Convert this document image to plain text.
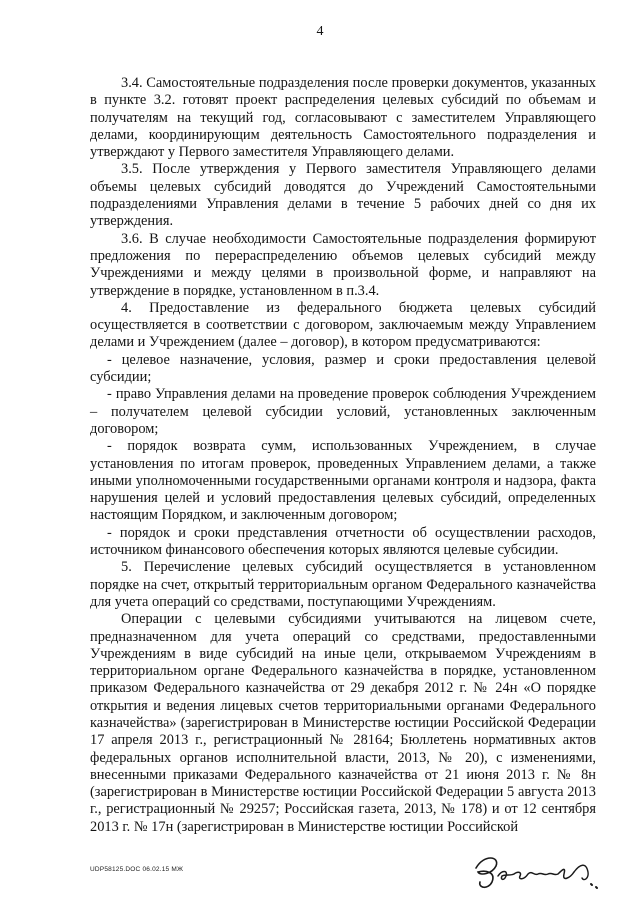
4

3.4. Самостоятельные подразделения после проверки документов, указанных в пункте 3.2. готовят проект распределения целевых субсидий по объемам и получателям на текущий год, согласовывают с заместителем Управляющего делами, координирующим деятельность Самостоятельного подразделения и утверждают у Первого заместителя Управляющего делами.

3.5. После утверждения у Первого заместителя Управляющего делами объемы целевых субсидий доводятся до Учреждений Самостоятельными подразделениями Управления делами в течение 5 рабочих дней со дня их утверждения.

3.6. В случае необходимости Самостоятельные подразделения формируют предложения по перераспределению объемов целевых субсидий между Учреждениями и между целями в произвольной форме, и направляют на утверждение в порядке, установленном в п.3.4.

4. Предоставление из федерального бюджета целевых субсидий осуществляется в соответствии с договором, заключаемым между Управлением делами и Учреждением (далее – договор), в котором предусматриваются:

- целевое назначение, условия, размер и сроки предоставления целевой субсидии;

- право Управления делами на проведение проверок соблюдения Учреждением – получателем целевой субсидии условий, установленных заключенным договором;

- порядок возврата сумм, использованных Учреждением, в случае установления по итогам проверок, проведенных Управлением делами, а также иными уполномоченными государственными органами контроля и надзора, факта нарушения целей и условий предоставления целевых субсидий, определенных настоящим Порядком, и заключенным договором;

- порядок и сроки представления отчетности об осуществлении расходов, источником финансового обеспечения которых являются целевые субсидии.

5. Перечисление целевых субсидий осуществляется в установленном порядке на счет, открытый территориальным органом Федерального казначейства для учета операций со средствами, поступающими Учреждениям.

Операции с целевыми субсидиями учитываются на лицевом счете, предназначенном для учета операций со средствами, предоставленными Учреждениям в виде субсидий на иные цели, открываемом Учреждениям в территориальном органе Федерального казначейства в порядке, установленном приказом Федерального казначейства от 29 декабря 2012 г. № 24н «О порядке открытия и ведения лицевых счетов территориальными органами Федерального казначейства» (зарегистрирован в Министерстве юстиции Российской Федерации 17 апреля 2013 г., регистрационный № 28164; Бюллетень нормативных актов федеральных органов исполнительной власти, 2013, № 20), с изменениями, внесенными приказами Федерального казначейства от 21 июня 2013 г. № 8н (зарегистрирован в Министерстве юстиции Российской Федерации 5 августа 2013 г., регистрационный № 29257; Российская газета, 2013, № 178) и от 12 сентября 2013 г. № 17н (зарегистрирован в Министерстве юстиции Российской

UDP58125.DOC 06.02.15 МЖ
